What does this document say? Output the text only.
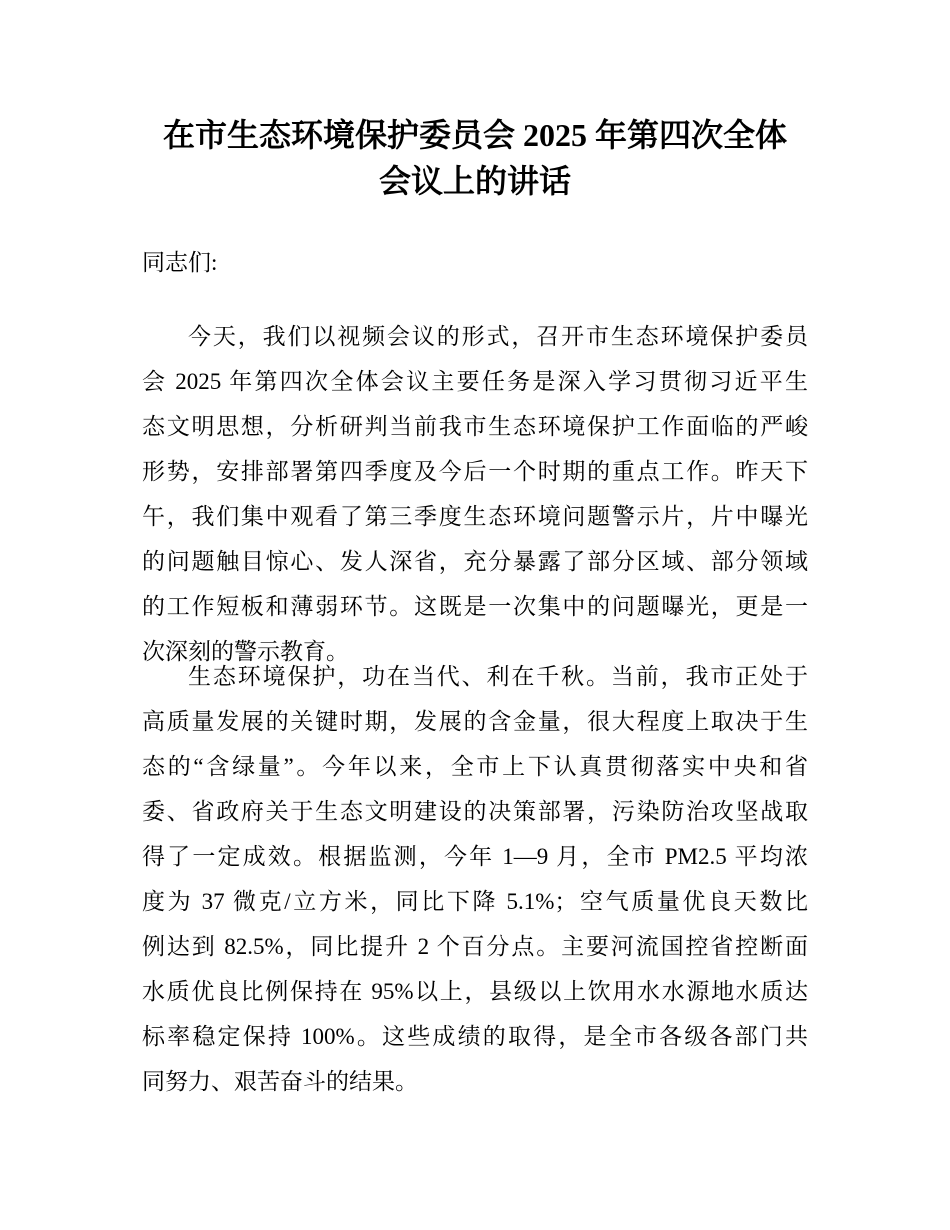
在市生态环境保护委员会 2025 年第四次全体
会议上的讲话
同志们:
今天，我们以视频会议的形式，召开市生态环境保护委员
会 2025 年第四次全体会议主要任务是深入学习贯彻习近平生
态文明思想，分析研判当前我市生态环境保护工作面临的严峻
形势，安排部署第四季度及今后一个时期的重点工作。昨天下
午，我们集中观看了第三季度生态环境问题警示片，片中曝光
的问题触目惊心、发人深省，充分暴露了部分区域、部分领域
的工作短板和薄弱环节。这既是一次集中的问题曝光，更是一
次深刻的警示教育。
生态环境保护，功在当代、利在千秋。当前，我市正处于
高质量发展的关键时期，发展的含金量，很大程度上取决于生
态的“含绿量”。今年以来，全市上下认真贯彻落实中央和省
委、省政府关于生态文明建设的决策部署，污染防治攻坚战取
得了一定成效。根据监测，今年 1—9 月，全市 PM2.5 平均浓
度为 37 微克/立方米，同比下降 5.1%；空气质量优良天数比
例达到 82.5%，同比提升 2 个百分点。主要河流国控省控断面
水质优良比例保持在 95%以上，县级以上饮用水水源地水质达
标率稳定保持 100%。这些成绩的取得，是全市各级各部门共
同努力、艰苦奋斗的结果。
